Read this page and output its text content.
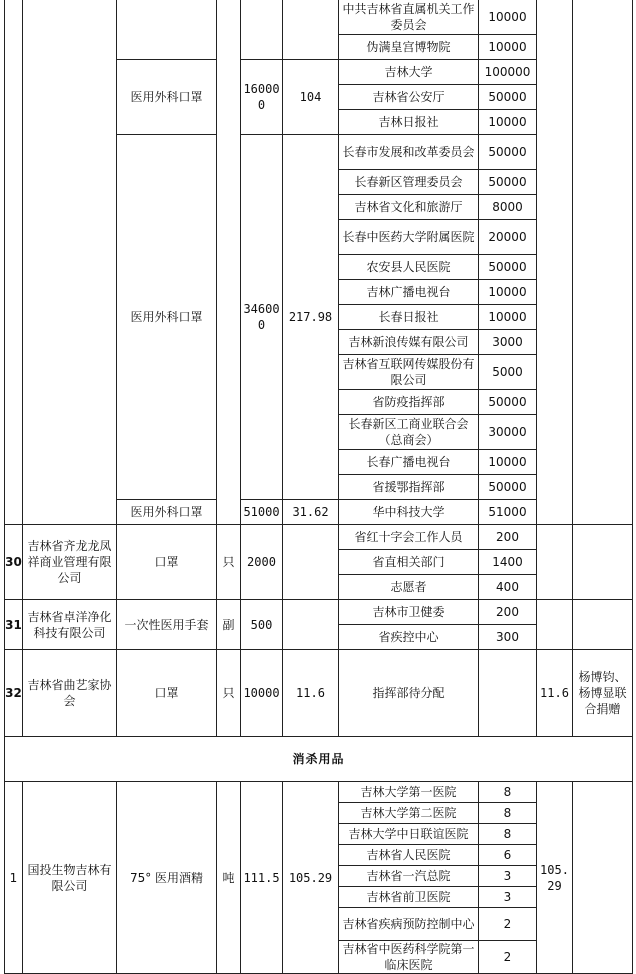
						中共吉林省直属机关工作委员会	10000		
						伪满皇宫博物院	10000		
		医用外科口罩		160000	104	吉林大学	100000		
						吉林省公安厅	50000		
						吉林日报社	10000		
		医用外科口罩		346000	217.98	长春市发展和改革委员会	50000		
						长春新区管理委员会	50000		
						吉林省文化和旅游厅	8000		
						长春中医药大学附属医院	20000		
						农安县人民医院	50000		
						吉林广播电视台	10000		
						长春日报社	10000		
						吉林新浪传媒有限公司	3000		
						吉林省互联网传媒股份有限公司	5000		
						省防疫指挥部	50000		
						长春新区工商业联合会（总商会）	30000		
						长春广播电视台	10000		
						省援鄂指挥部	50000		
		医用外科口罩		51000	31.62	华中科技大学	51000		
30	吉林省齐龙龙凤祥商业管理有限公司	口罩	只	2000		省红十字会工作人员	200		
						省直相关部门	1400		
						志愿者	400		
31	吉林省卓洋净化科技有限公司	一次性医用手套	副	500		吉林市卫健委	200		
						省疾控中心	300		
32	吉林省曲艺家协会	口罩	只	10000	11.6	指挥部待分配		11.6	杨博钧、杨博显联合捐赠
消杀用品									
1	国投生物吉林有限公司	75° 医用酒精	吨	111.5	105.29	吉林大学第一医院	8	105.29	
						吉林大学第二医院	8		
						吉林大学中日联谊医院	8		
						吉林省人民医院	6		
						吉林省一汽总院	3		
						吉林省前卫医院	3		
						吉林省疾病预防控制中心	2		
						吉林省中医药科学院第一临床医院	2		
